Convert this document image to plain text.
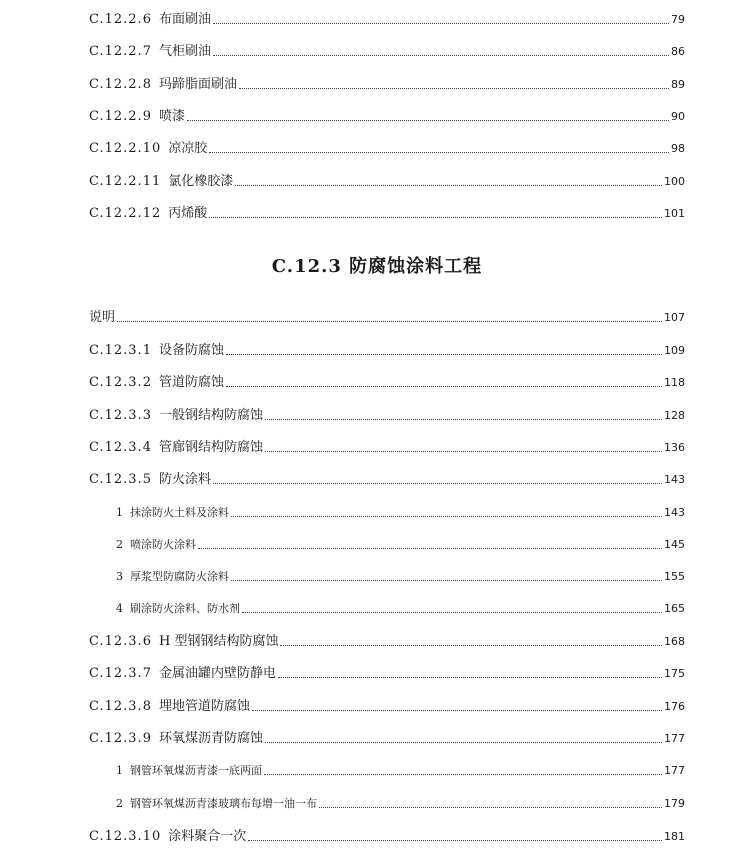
C.12.2.6 布面刷油	79
C.12.2.7 气柜刷油	86
C.12.2.8 玛蹄脂面刷油	89
C.12.2.9 喷漆	90
C.12.2.10 凉凉胶	98
C.12.2.11 氯化橡胶漆	100
C.12.2.12 丙烯酸	101
C.12.3 防腐蚀涂料工程
说明	107
C.12.3.1 设备防腐蚀	109
C.12.3.2 管道防腐蚀	118
C.12.3.3 一般钢结构防腐蚀	128
C.12.3.4 管廊钢结构防腐蚀	136
C.12.3.5 防火涂料	143
1 抹涂防火土料及涂料	143
2 喷涂防火涂料	145
3 厚浆型防腐防火涂料	155
4 刷涂防火涂料、防水剂	165
C.12.3.6 H 型钢钢结构防腐蚀	168
C.12.3.7 金属油罐内壁防静电	175
C.12.3.8 埋地管道防腐蚀	176
C.12.3.9 环氧煤沥青防腐蚀	177
1 钢管环氧煤沥青漆一底两面	177
2 钢管环氧煤沥青漆玻璃布每增一油一布	179
C.12.3.10 涂料聚合一次	181
